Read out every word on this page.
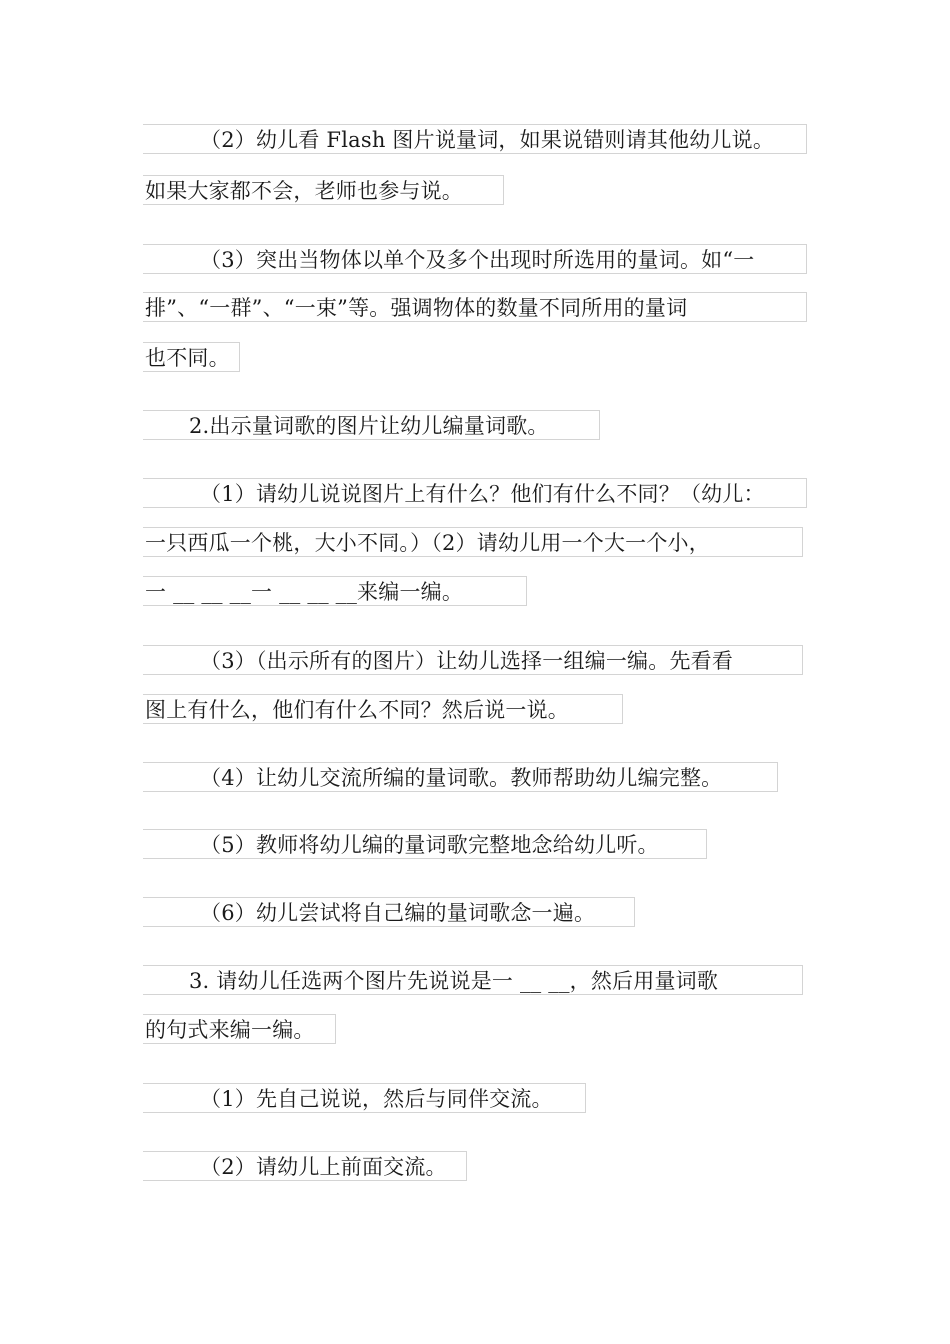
（2）幼儿看 Flash 图片说量词，如果说错则请其他幼儿说。
如果大家都不会，老师也参与说。
（3）突出当物体以单个及多个出现时所选用的量词。如“一
排”、“一群”、“一束”等。强调物体的数量不同所用的量词
也不同。
2.出示量词歌的图片让幼儿编量词歌。
（1）请幼儿说说图片上有什么？他们有什么不同？（幼儿：
一只西瓜一个桃，大小不同。）（2）请幼儿用一个大一个小，
一 __ __ __一 __ __ __来编一编。
（3）（出示所有的图片）让幼儿选择一组编一编。先看看
图上有什么，他们有什么不同？然后说一说。
（4）让幼儿交流所编的量词歌。教师帮助幼儿编完整。
（5）教师将幼儿编的量词歌完整地念给幼儿听。
（6）幼儿尝试将自己编的量词歌念一遍。
3. 请幼儿任选两个图片先说说是一 __ __，然后用量词歌
的句式来编一编。
（1）先自己说说，然后与同伴交流。
（2）请幼儿上前面交流。
